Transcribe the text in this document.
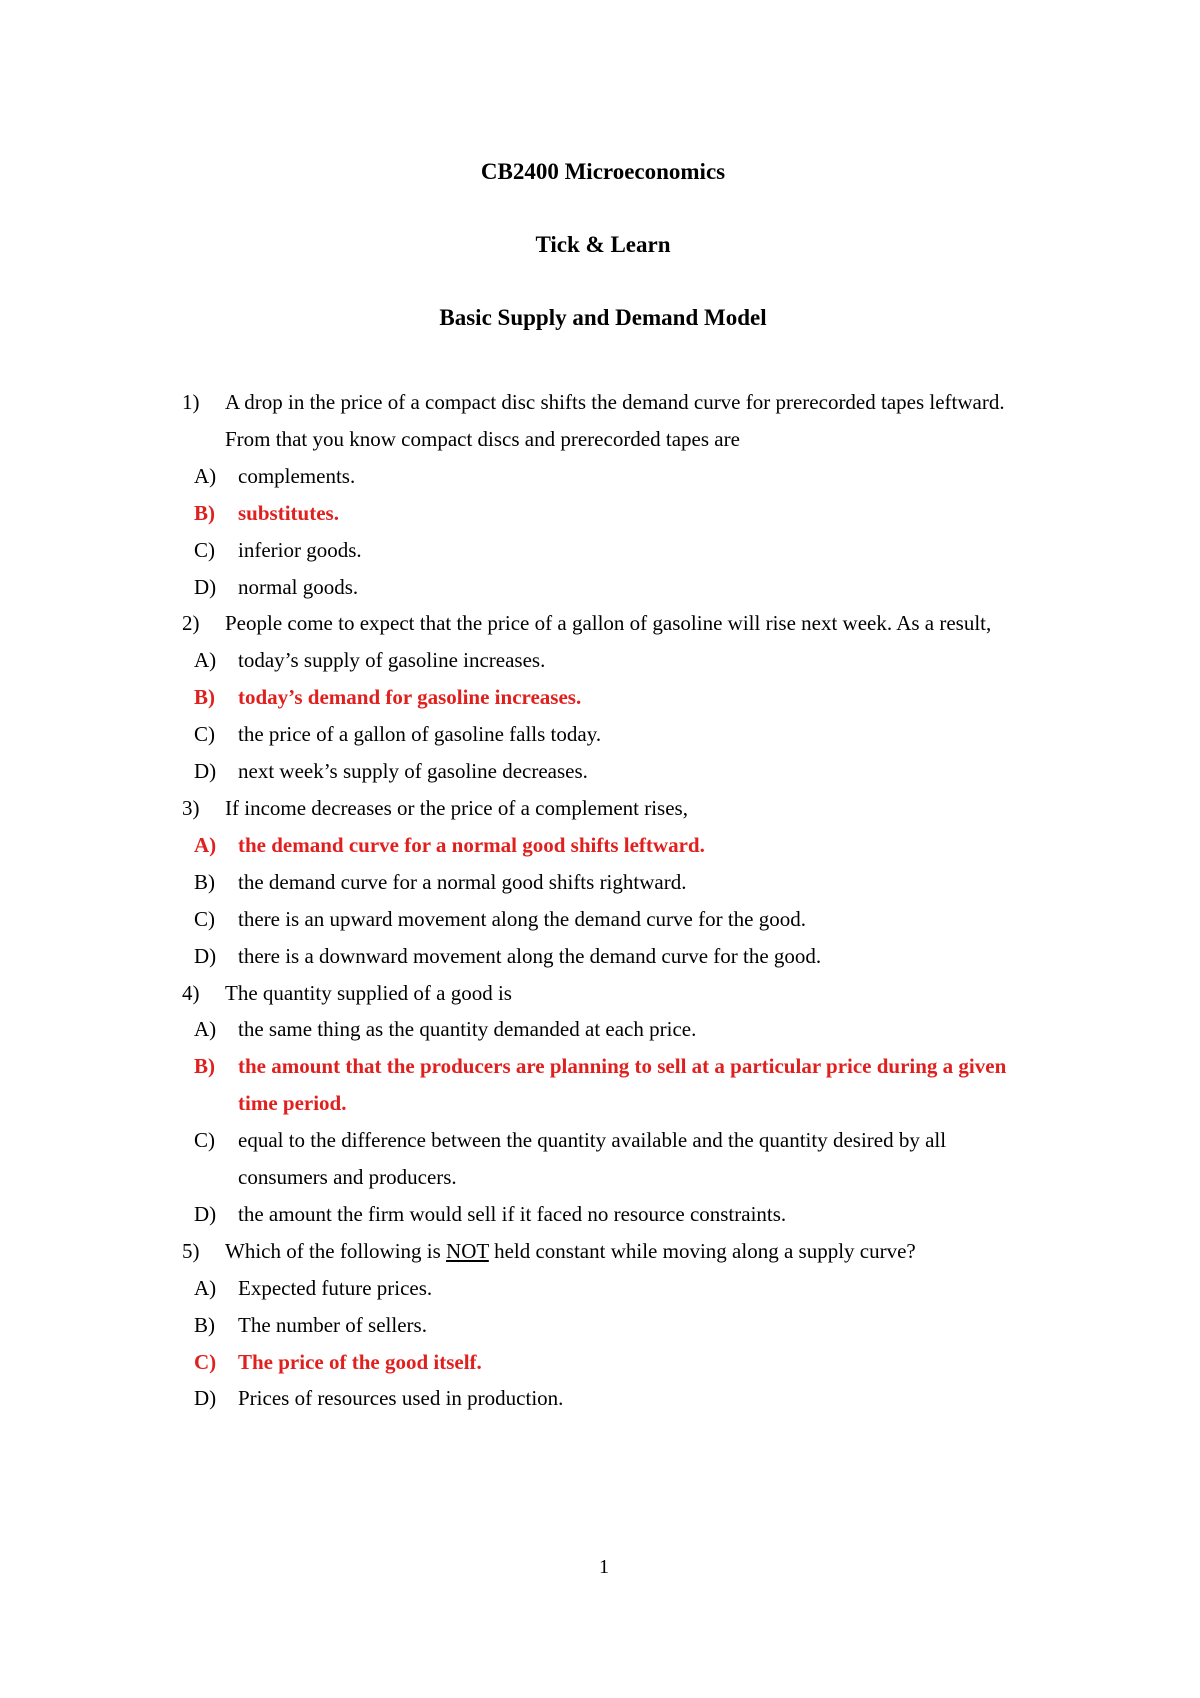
CB2400 Microeconomics
Tick & Learn
Basic Supply and Demand Model
1)	A drop in the price of a compact disc shifts the demand curve for prerecorded tapes leftward. From that you know compact discs and prerecorded tapes are
A)	complements.
B)	substitutes.
C)	inferior goods.
D)	normal goods.
2)	People come to expect that the price of a gallon of gasoline will rise next week. As a result,
A)	today’s supply of gasoline increases.
B)	today’s demand for gasoline increases.
C)	the price of a gallon of gasoline falls today.
D)	next week’s supply of gasoline decreases.
3)	If income decreases or the price of a complement rises,
A)	the demand curve for a normal good shifts leftward.
B)	the demand curve for a normal good shifts rightward.
C)	there is an upward movement along the demand curve for the good.
D)	there is a downward movement along the demand curve for the good.
4)	The quantity supplied of a good is
A)	the same thing as the quantity demanded at each price.
B)	the amount that the producers are planning to sell at a particular price during a given time period.
C)	equal to the difference between the quantity available and the quantity desired by all consumers and producers.
D)	the amount the firm would sell if it faced no resource constraints.
5)	Which of the following is NOT held constant while moving along a supply curve?
A)	Expected future prices.
B)	The number of sellers.
C)	The price of the good itself.
D)	Prices of resources used in production.
1
